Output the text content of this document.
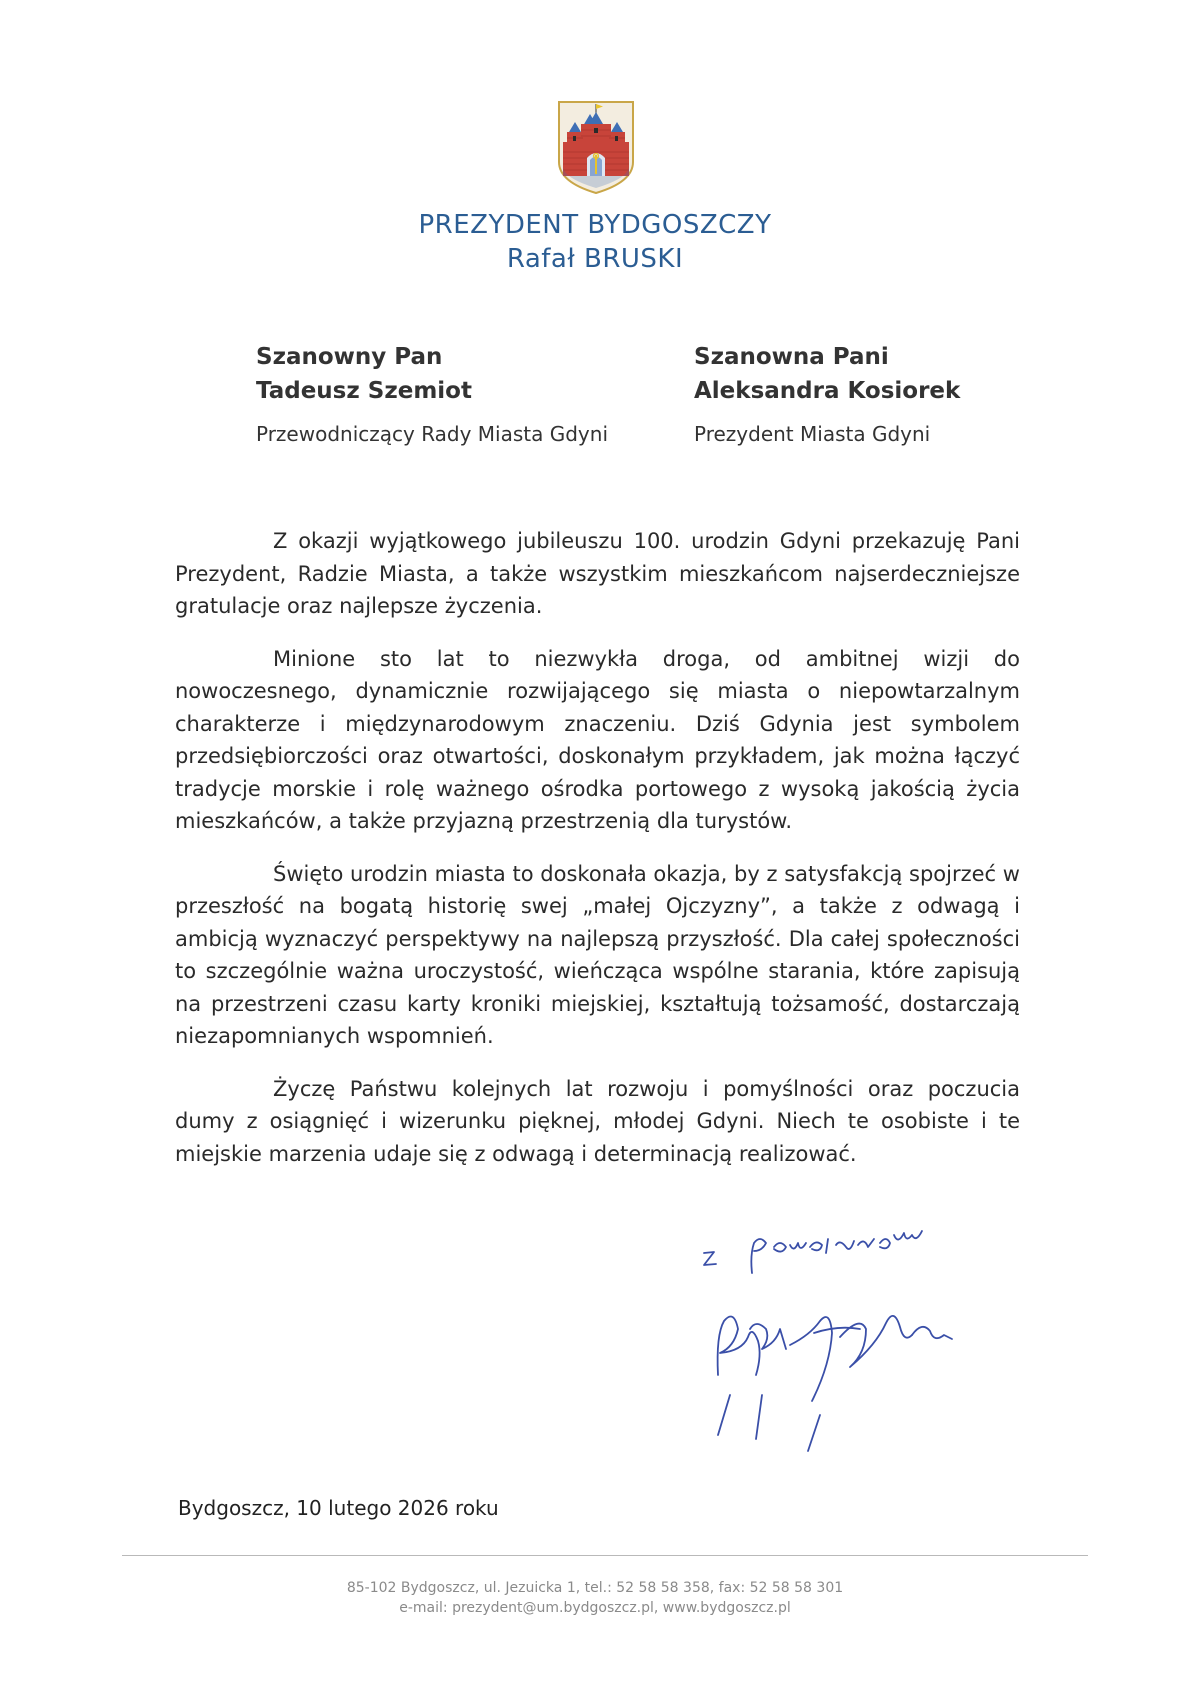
PREZYDENT BYDGOSZCZY
Rafał BRUSKI
Szanowny Pan
Tadeusz Szemiot
Przewodniczący Rady Miasta Gdyni
Szanowna Pani
Aleksandra Kosiorek
Prezydent Miasta Gdyni

Z okazji wyjątkowego jubileuszu 100. urodzin Gdyni przekazuję Pani Prezydent, Radzie Miasta, a także wszystkim mieszkańcom najserdeczniejsze gratulacje oraz najlepsze życzenia.

Minione sto lat to niezwykła droga, od ambitnej wizji do nowoczesnego, dynamicznie rozwijającego się miasta o niepowtarzalnym charakterze i międzynarodowym znaczeniu. Dziś Gdynia jest symbolem przedsiębiorczości oraz otwartości, doskonałym przykładem, jak można łączyć tradycje morskie i rolę ważnego ośrodka portowego z wysoką jakością życia mieszkańców, a także przyjazną przestrzenią dla turystów.

Święto urodzin miasta to doskonała okazja, by z satysfakcją spojrzeć w przeszłość na bogatą historię swej „małej Ojczyzny”, a także z odwagą i ambicją wyznaczyć perspektywy na najlepszą przyszłość. Dla całej społeczności to szczególnie ważna uroczystość, wieńcząca wspólne starania, które zapisują na przestrzeni czasu karty kroniki miejskiej, kształtują tożsamość, dostarczają niezapomnianych wspomnień.

Życzę Państwu kolejnych lat rozwoju i pomyślności oraz poczucia dumy z osiągnięć i wizerunku pięknej, młodej Gdyni. Niech te osobiste i te miejskie marzenia udaje się z odwagą i determinacją realizować.

Bydgoszcz, 10 lutego 2026 roku
85-102 Bydgoszcz, ul. Jezuicka 1, tel.: 52 58 58 358, fax: 52 58 58 301
e-mail: prezydent@um.bydgoszcz.pl, www.bydgoszcz.pl
